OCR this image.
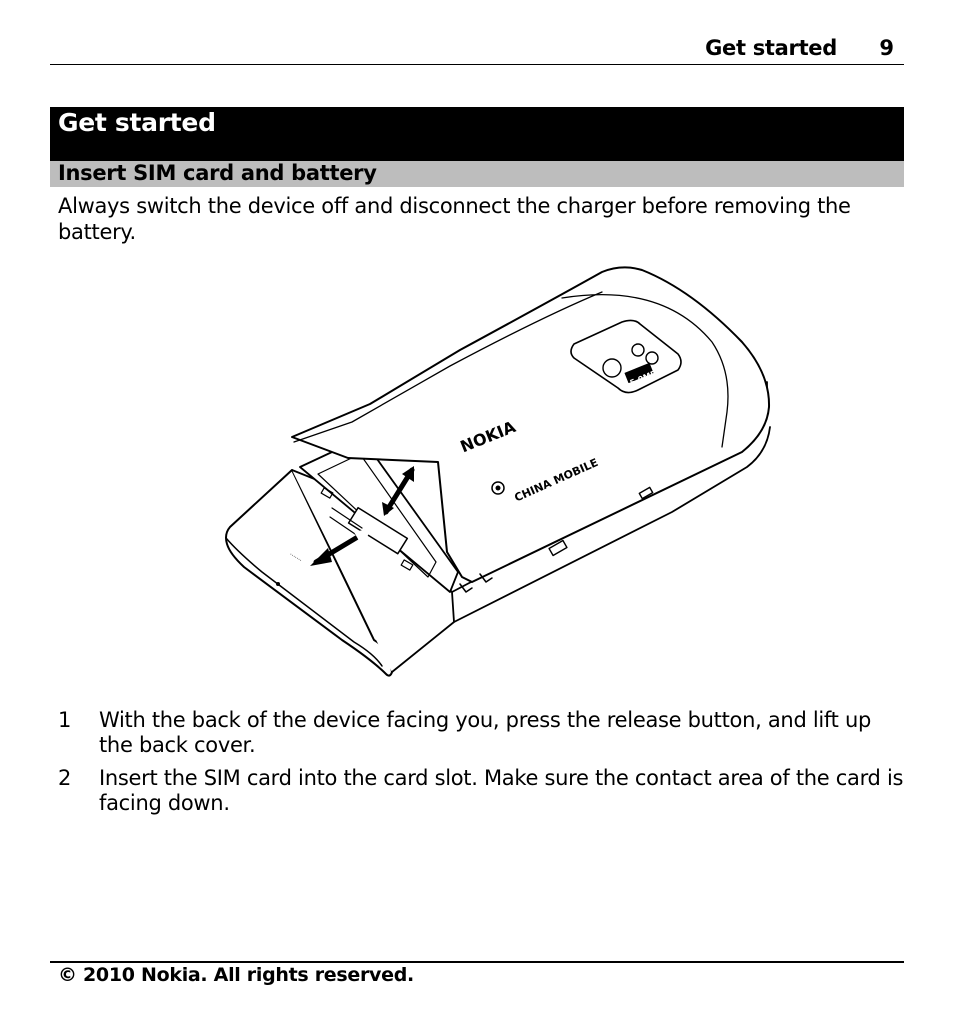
Get started 9
Get started
Insert SIM card and battery

Always switch the device off and disconnect the charger before removing the battery.

5.0MP
NOKIA
CHINA MOBILE
·······
1 With the back of the device facing you, press the release button, and lift up the back cover.
2 Insert the SIM card into the card slot. Make sure the contact area of the card is facing down.
© 2010 Nokia. All rights reserved.
